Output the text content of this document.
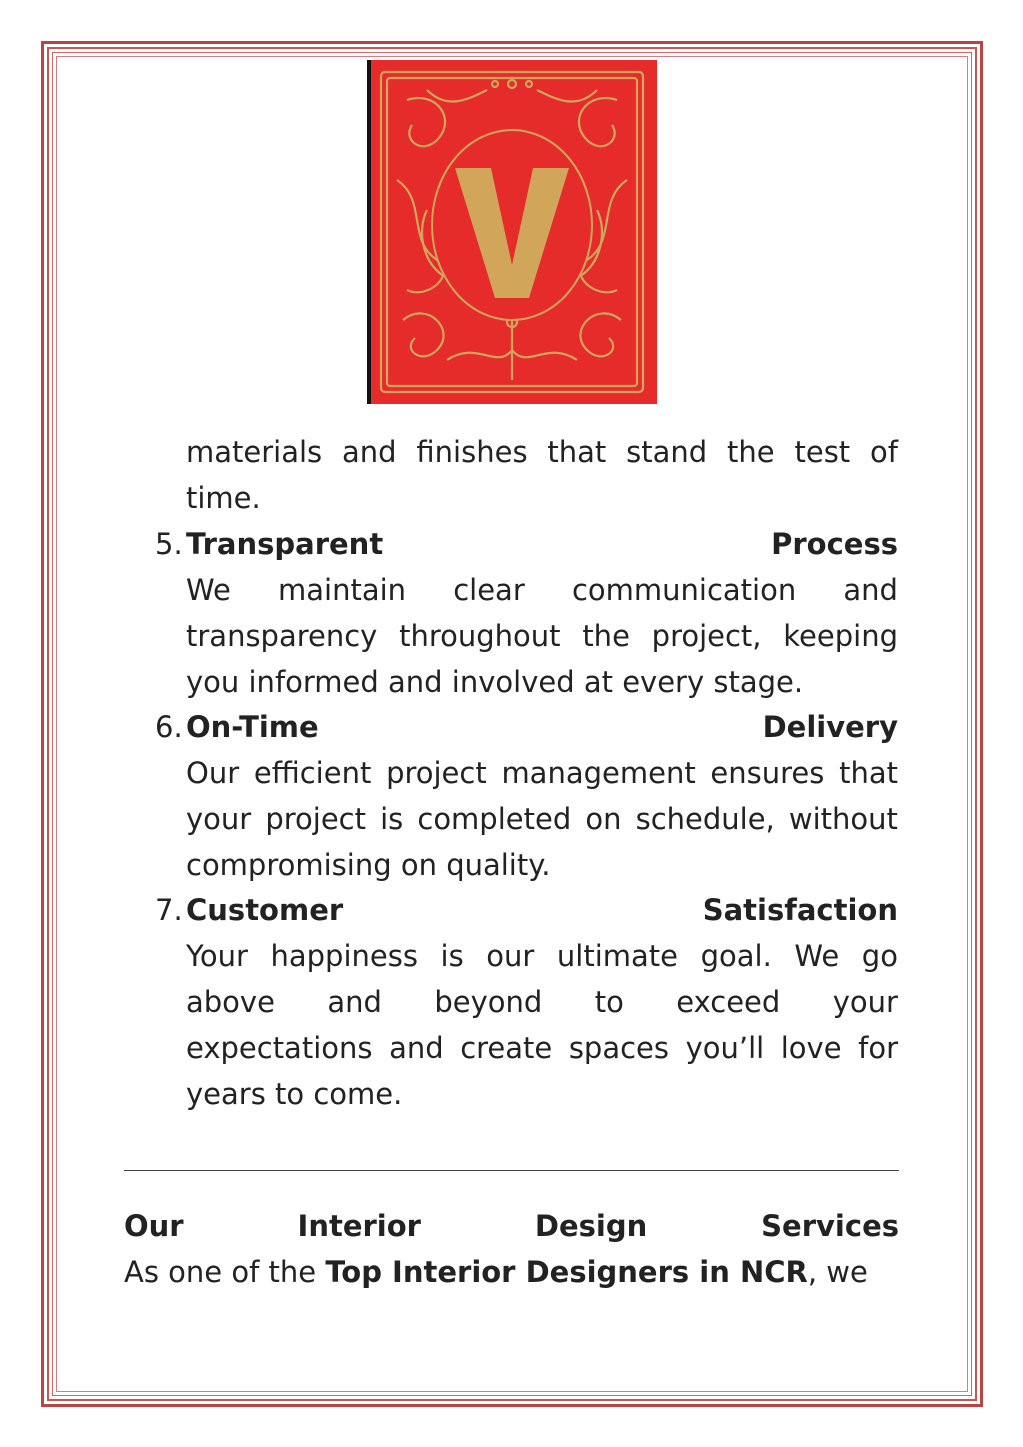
V
materials and finishes that stand the test of
time.
5. Transparent	Process
We maintain clear communication and
transparency throughout the project, keeping
you informed and involved at every stage.
6. On-Time	Delivery
Our efficient project management ensures that
your project is completed on schedule, without
compromising on quality.
7. Customer	Satisfaction
Your happiness is our ultimate goal. We go
above and beyond to exceed your
expectations and create spaces you’ll love for
years to come.
Our	Interior	Design	Services
As one of the Top Interior Designers in NCR, we
